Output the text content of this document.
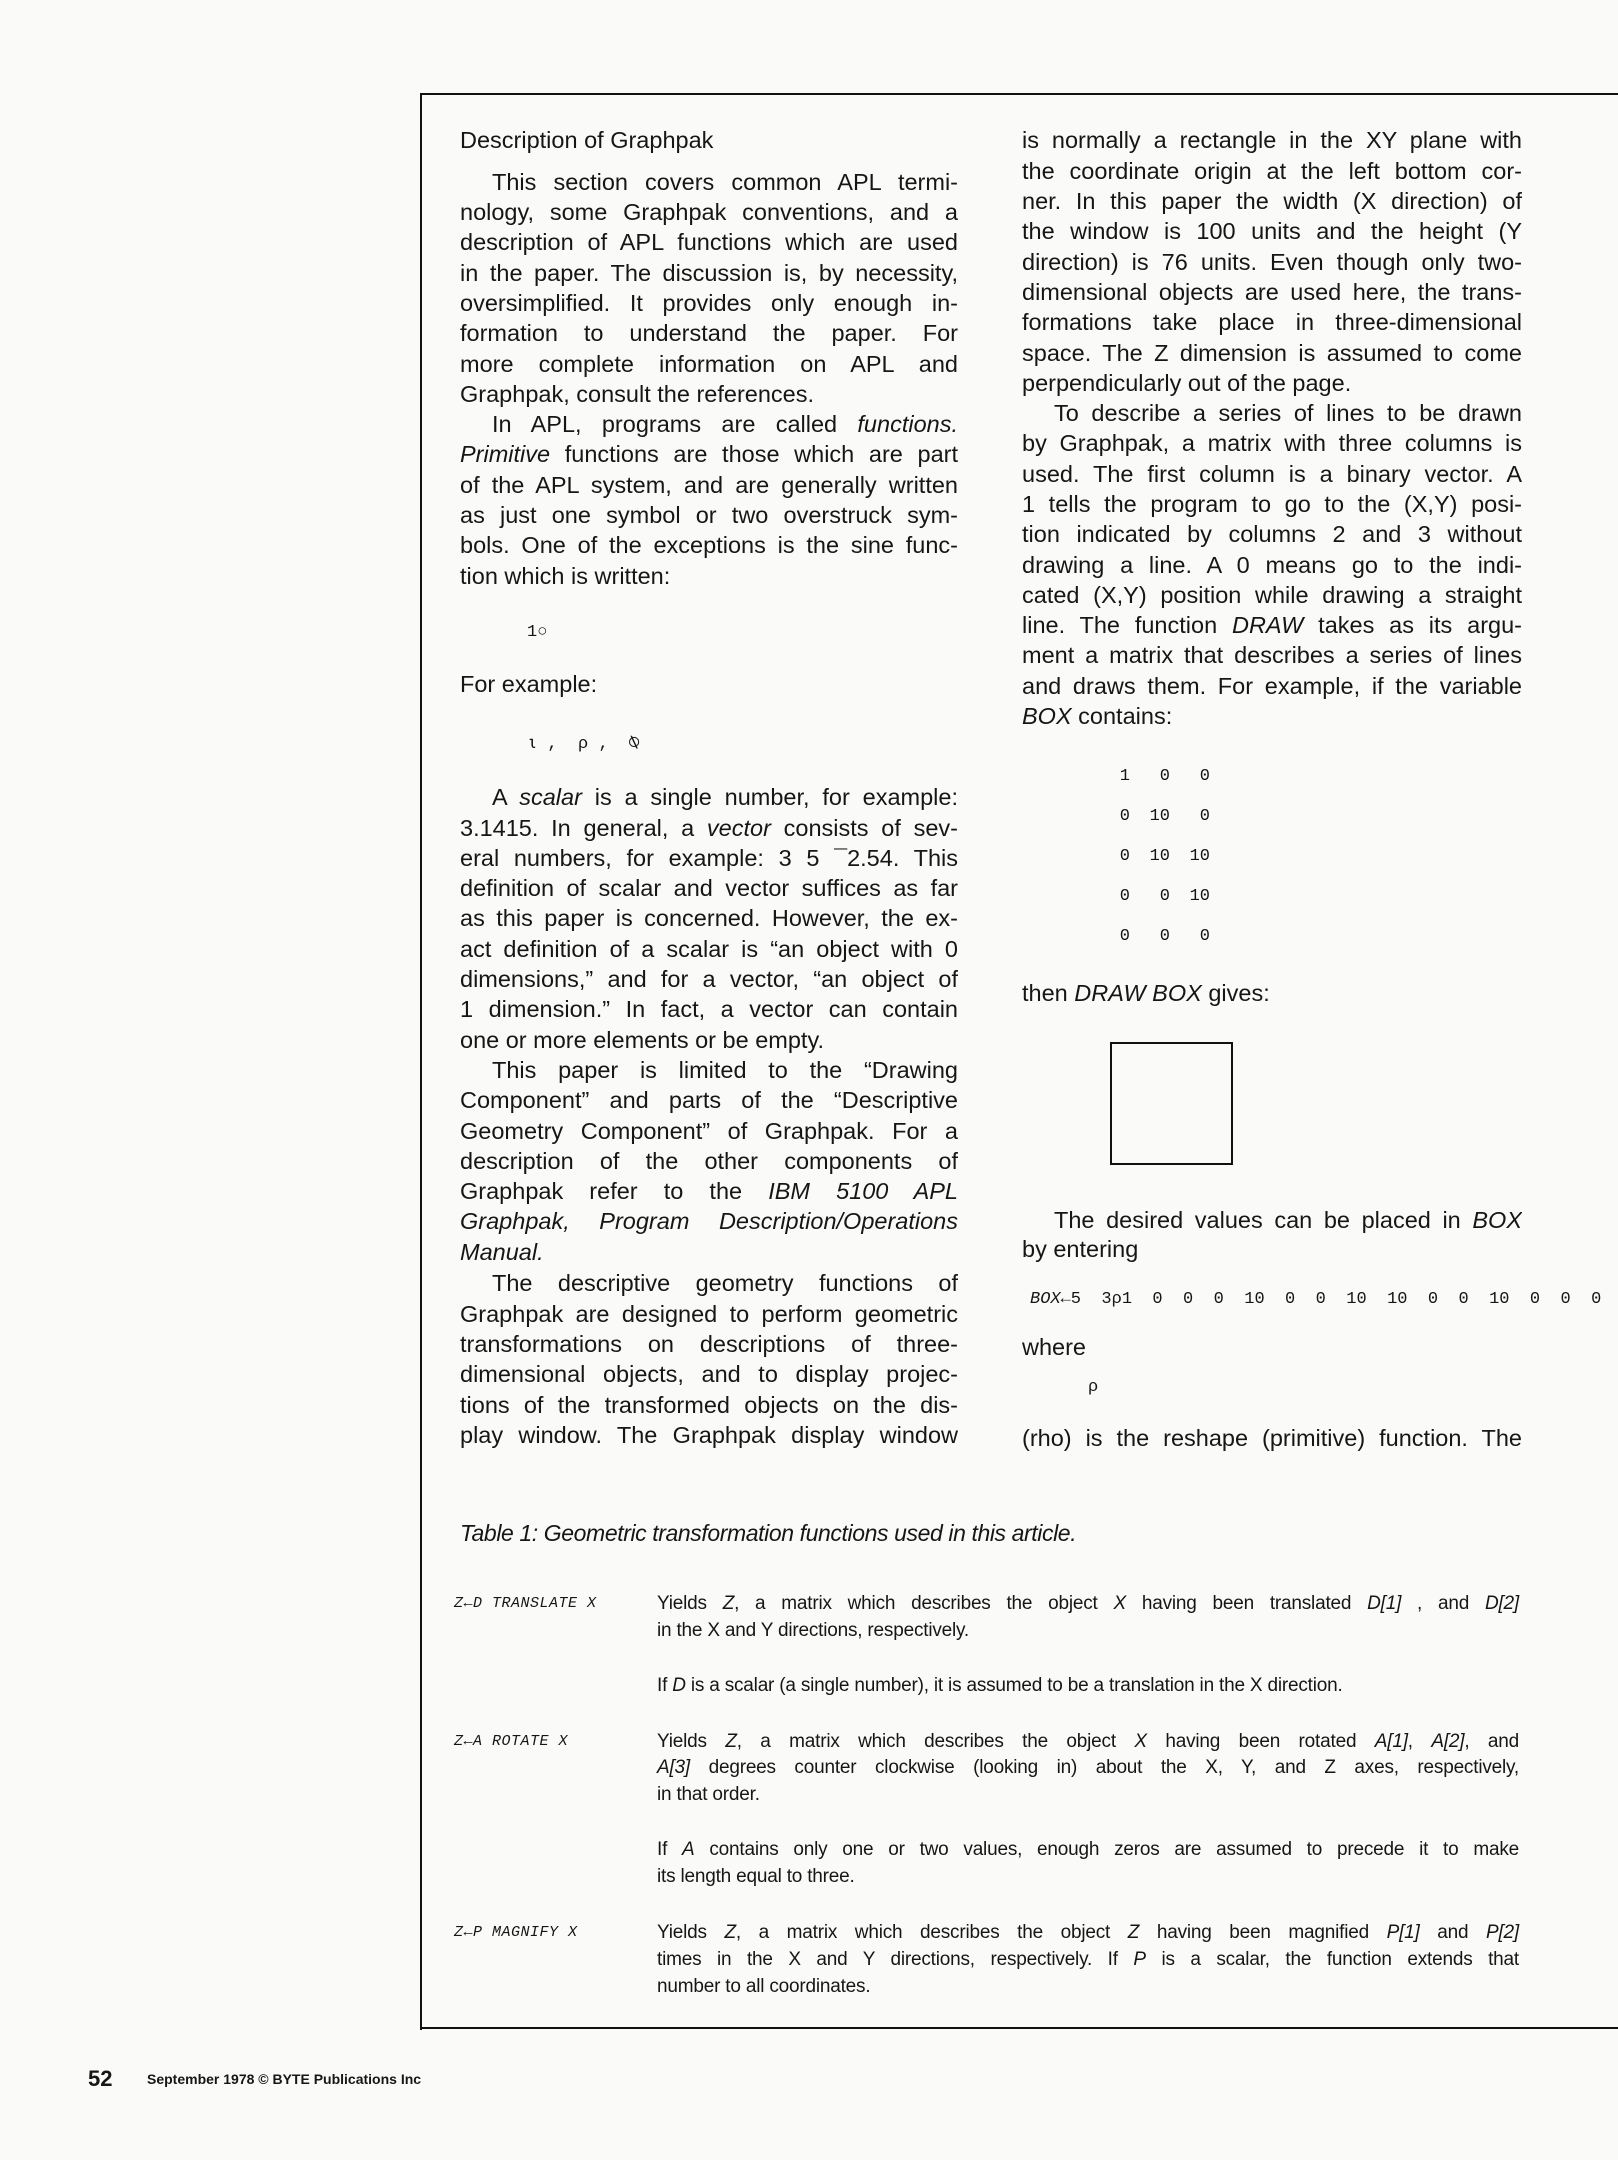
Description of Graphpak
This section covers common APL termi-
nology, some Graphpak conventions, and a
description of APL functions which are used
in the paper. The discussion is, by necessity,
oversimplified. It provides only enough in-
formation to understand the paper. For
more complete information on APL and
Graphpak, consult the references.
In APL, programs are called functions.
Primitive functions are those which are part
of the APL system, and are generally written
as just one symbol or two overstruck sym-
bols. One of the exceptions is the sine func-
tion which is written:
1○
For example:
⍳ ,  ρ ,  ⍉
A scalar is a single number, for example:
3.1415. In general, a vector consists of sev-
eral numbers, for example: 3 5 ¯2.54. This
definition of scalar and vector suffices as far
as this paper is concerned. However, the ex-
act definition of a scalar is “an object with 0
dimensions,” and for a vector, “an object of
1 dimension.” In fact, a vector can contain
one or more elements or be empty.
This paper is limited to the “Drawing
Component” and parts of the “Descriptive
Geometry Component” of Graphpak. For a
description of the other components of
Graphpak refer to the IBM 5100 APL
Graphpak, Program Description/Operations
Manual.
The descriptive geometry functions of
Graphpak are designed to perform geometric
transformations on descriptions of three-
dimensional objects, and to display projec-
tions of the transformed objects on the dis-
play window. The Graphpak display window
is normally a rectangle in the XY plane with
the coordinate origin at the left bottom cor-
ner. In this paper the width (X direction) of
the window is 100 units and the height (Y
direction) is 76 units. Even though only two-
dimensional objects are used here, the trans-
formations take place in three-dimensional
space. The Z dimension is assumed to come
perpendicularly out of the page.
To describe a series of lines to be drawn
by Graphpak, a matrix with three columns is
used. The first column is a binary vector. A
1 tells the program to go to the (X,Y) posi-
tion indicated by columns 2 and 3 without
drawing a line. A 0 means go to the indi-
cated (X,Y) position while drawing a straight
line. The function DRAW takes as its argu-
ment a matrix that describes a series of lines
and draws them. For example, if the variable
BOX contains:
1 0 0
0 10 0
0 10 10
0 0 10
0 0 0
then DRAW BOX gives:
The desired values can be placed in BOX
by entering
BOX←5  3ρ1  0  0  0  10  0  0  10  10  0  0  10  0  0  0
where
ρ
(rho) is the reshape (primitive) function. The
Table 1: Geometric transformation functions used in this article.
Z←D TRANSLATE X	Yields Z, a matrix which describes the object X having been translated D[1] , and D[2]
in the X and Y directions, respectively.
If D is a scalar (a single number), it is assumed to be a translation in the X direction.
Z←A ROTATE X	Yields Z, a matrix which describes the object X having been rotated A[1], A[2], and
A[3] degrees counter clockwise (looking in) about the X, Y, and Z axes, respectively,
in that order.
If A contains only one or two values, enough zeros are assumed to precede it to make
its length equal to three.
Z←P MAGNIFY X	Yields Z, a matrix which describes the object Z having been magnified P[1] and P[2]
times in the X and Y directions, respectively. If P is a scalar, the function extends that
number to all coordinates.
52 September 1978 © BYTE Publications Inc
